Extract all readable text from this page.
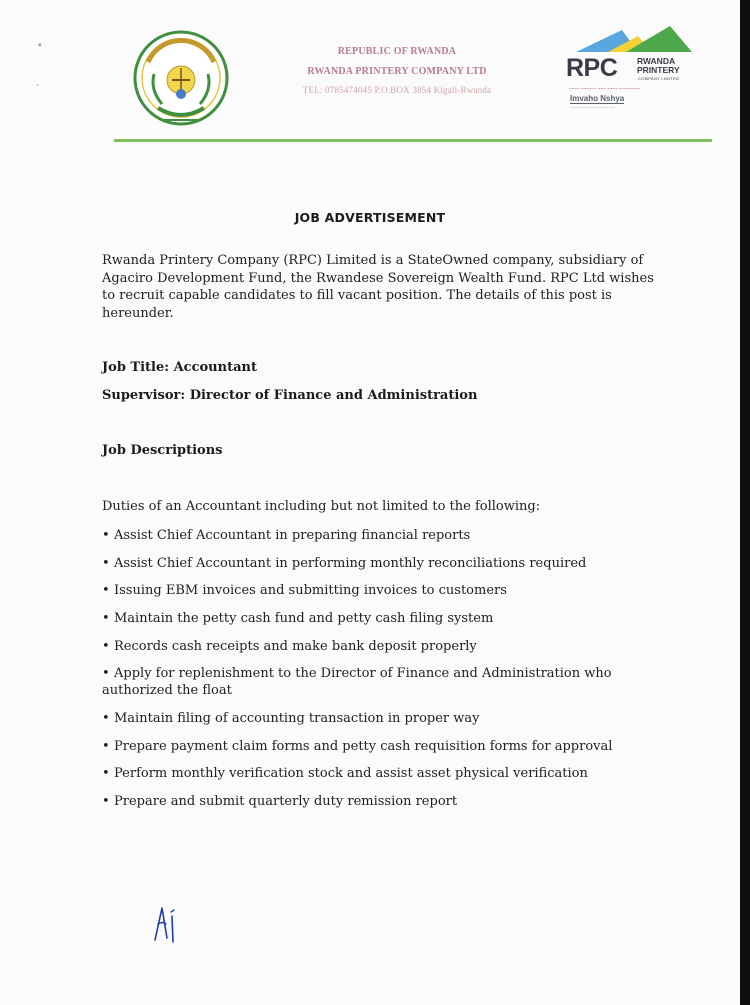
▪
-
REPUBLIC OF RWANDA
RWANDA PRINTERY COMPANY LTD
TEL: 0785474045 P.O.BOX 3854 Kigali-Rwanda
RPC RWANDA
PRINTERY
COMPANY LIMITED
~~~~ ~~~~~~ ~~~ ~~~~ ~~~~~~~~
Imvaho Nshya
~~~~~~~~~~~~~~~~~~~~~~
JOB ADVERTISEMENT
Rwanda Printery Company (RPC) Limited is a StateOwned company, subsidiary of Agaciro Development Fund, the Rwandese Sovereign Wealth Fund. RPC Ltd wishes to recruit capable candidates to fill vacant position. The details of this post is hereunder.
Job Title: Accountant
Supervisor: Director of Finance and Administration
Job Descriptions
Duties of an Accountant including but not limited to the following:
• Assist Chief Accountant in preparing financial reports
• Assist Chief Accountant in performing monthly reconciliations required
• Issuing EBM invoices and submitting invoices to customers
• Maintain the petty cash fund and petty cash filing system
• Records cash receipts and make bank deposit properly
• Apply for replenishment to the Director of Finance and Administration who authorized the float
• Maintain filing of accounting transaction in proper way
• Prepare payment claim forms and petty cash requisition forms for approval
• Perform monthly verification stock and assist asset physical verification
• Prepare and submit quarterly duty remission report
